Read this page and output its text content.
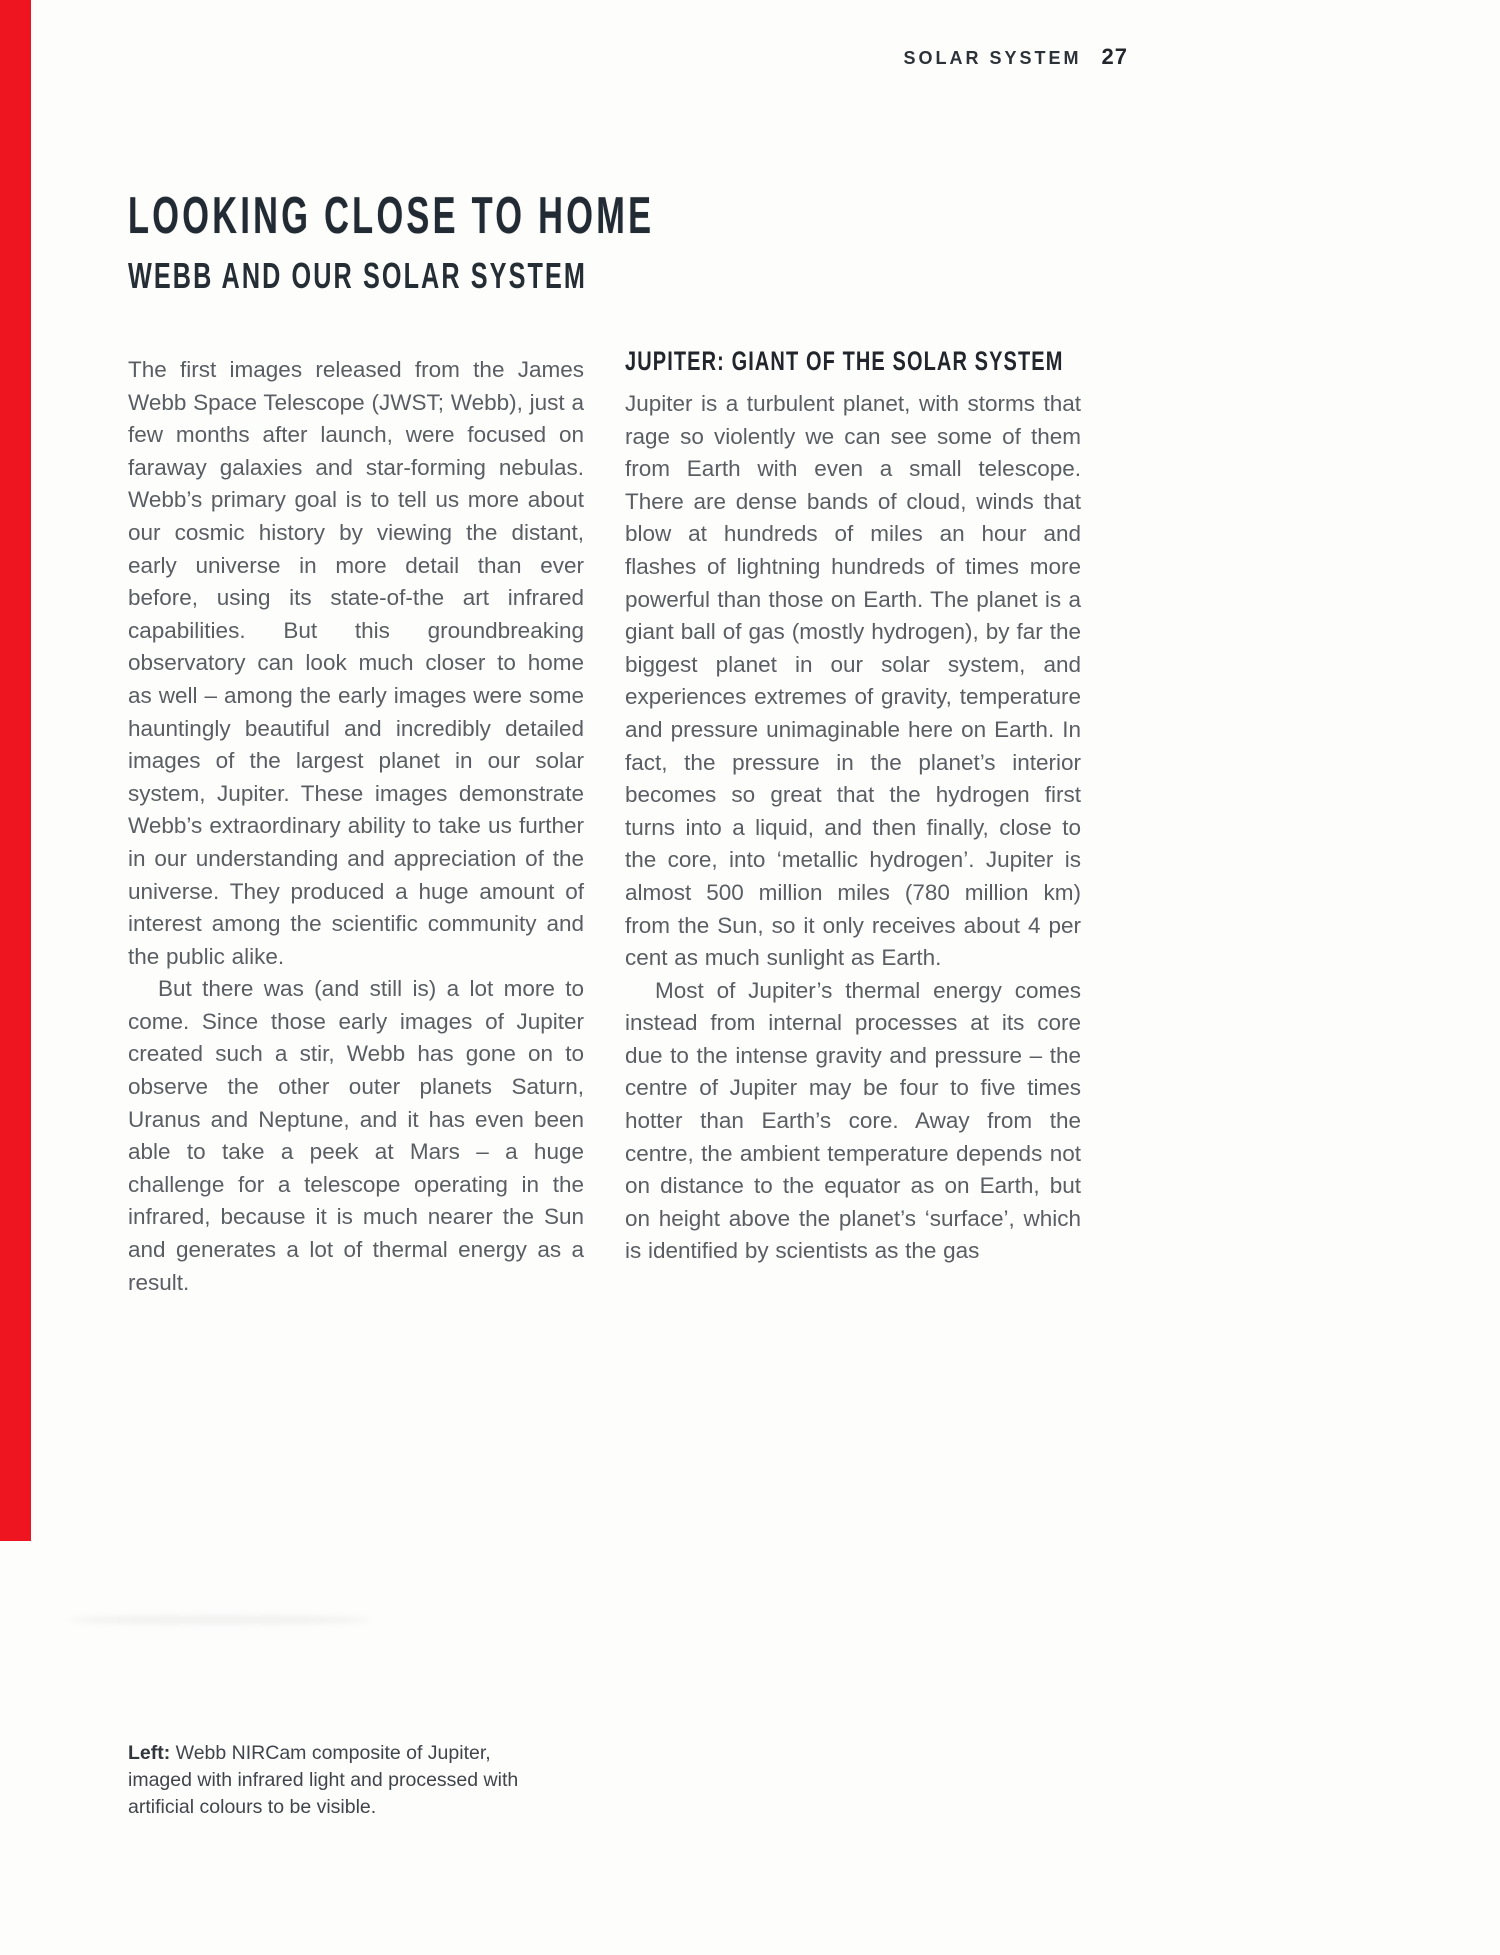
SOLAR SYSTEM 27
LOOKING CLOSE TO HOME
WEBB AND OUR SOLAR SYSTEM

The first images released from the James Webb Space Telescope (JWST; Webb), just a few months after launch, were focused on faraway galaxies and star-forming nebulas. Webb’s primary goal is to tell us more about our cosmic history by viewing the distant, early universe in more detail than ever before, using its state-of-the art infrared capabilities. But this groundbreaking observatory can look much closer to home as well – among the early images were some hauntingly beautiful and incredibly detailed images of the largest planet in our solar system, Jupiter. These images demonstrate Webb’s extraordinary ability to take us further in our understanding and appreciation of the universe. They produced a huge amount of interest among the scientific community and the public alike.

But there was (and still is) a lot more to come. Since those early images of Jupiter created such a stir, Webb has gone on to observe the other outer planets Saturn, Uranus and Neptune, and it has even been able to take a peek at Mars – a huge challenge for a telescope operating in the infrared, because it is much nearer the Sun and generates a lot of thermal energy as a result.

JUPITER: GIANT OF THE SOLAR SYSTEM

Jupiter is a turbulent planet, with storms that rage so violently we can see some of them from Earth with even a small telescope. There are dense bands of cloud, winds that blow at hundreds of miles an hour and flashes of lightning hundreds of times more powerful than those on Earth. The planet is a giant ball of gas (mostly hydrogen), by far the biggest planet in our solar system, and experiences extremes of gravity, temperature and pressure unimaginable here on Earth. In fact, the pressure in the planet’s interior becomes so great that the hydrogen first turns into a liquid, and then finally, close to the core, into ‘metallic hydrogen’. Jupiter is almost 500 million miles (780 million km) from the Sun, so it only receives about 4 per cent as much sunlight as Earth.

Most of Jupiter’s thermal energy comes instead from internal processes at its core due to the intense gravity and pressure – the centre of Jupiter may be four to five times hotter than Earth’s core. Away from the centre, the ambient temperature depends not on distance to the equator as on Earth, but on height above the planet’s ‘surface’, which is identified by scientists as the gas

Left: Webb NIRCam composite of Jupiter, imaged with infrared light and processed with artificial colours to be visible.
